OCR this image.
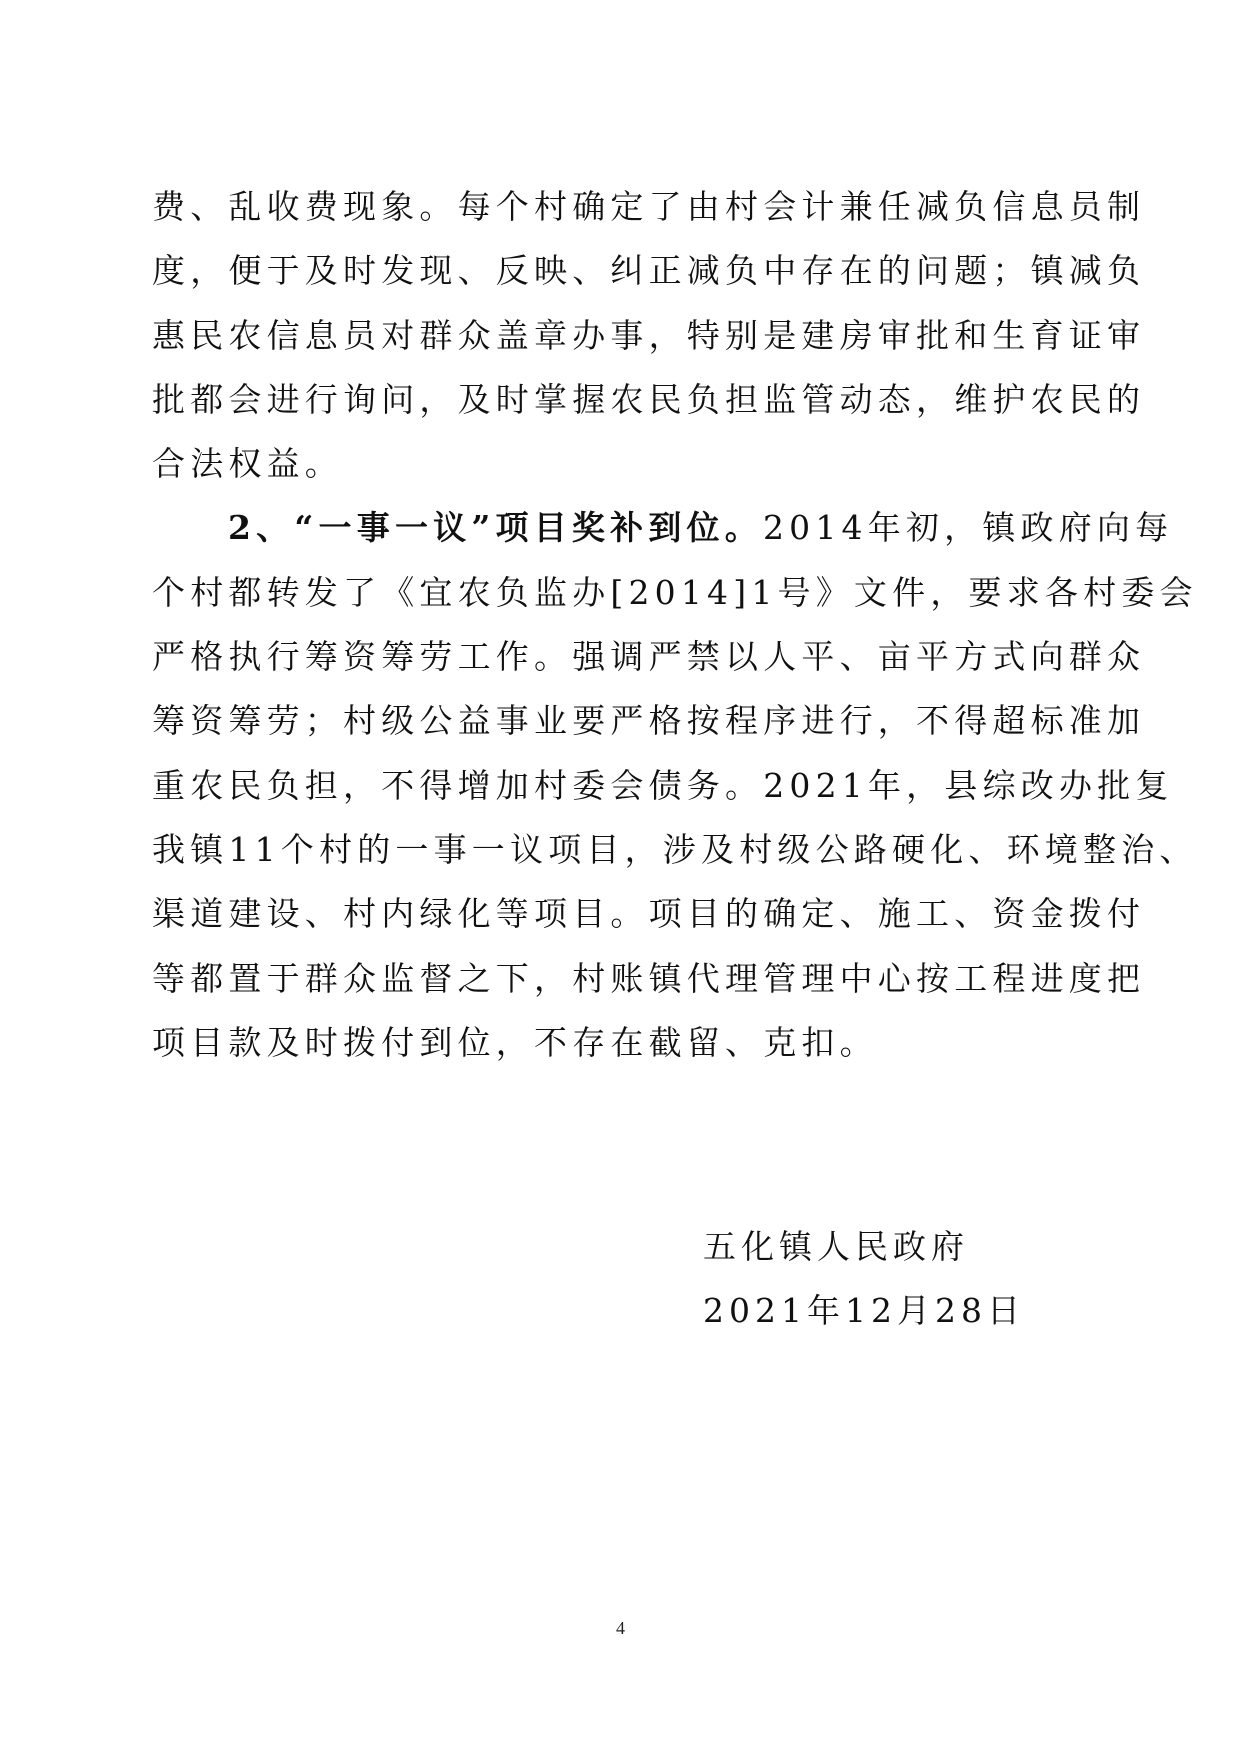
费、乱收费现象。每个村确定了由村会计兼任减负信息员制
度，便于及时发现、反映、纠正减负中存在的问题；镇减负
惠民农信息员对群众盖章办事，特别是建房审批和生育证审
批都会进行询问，及时掌握农民负担监管动态，维护农民的
合法权益。
2、“一事一议”项目奖补到位。2014年初，镇政府向每
个村都转发了《宜农负监办[2014]1号》文件，要求各村委会
严格执行筹资筹劳工作。强调严禁以人平、亩平方式向群众
筹资筹劳；村级公益事业要严格按程序进行，不得超标准加
重农民负担，不得增加村委会债务。2021年，县综改办批复
我镇11个村的一事一议项目，涉及村级公路硬化、环境整治、
渠道建设、村内绿化等项目。项目的确定、施工、资金拨付
等都置于群众监督之下，村账镇代理管理中心按工程进度把
项目款及时拨付到位，不存在截留、克扣。
五化镇人民政府
2021年12月28日
4
